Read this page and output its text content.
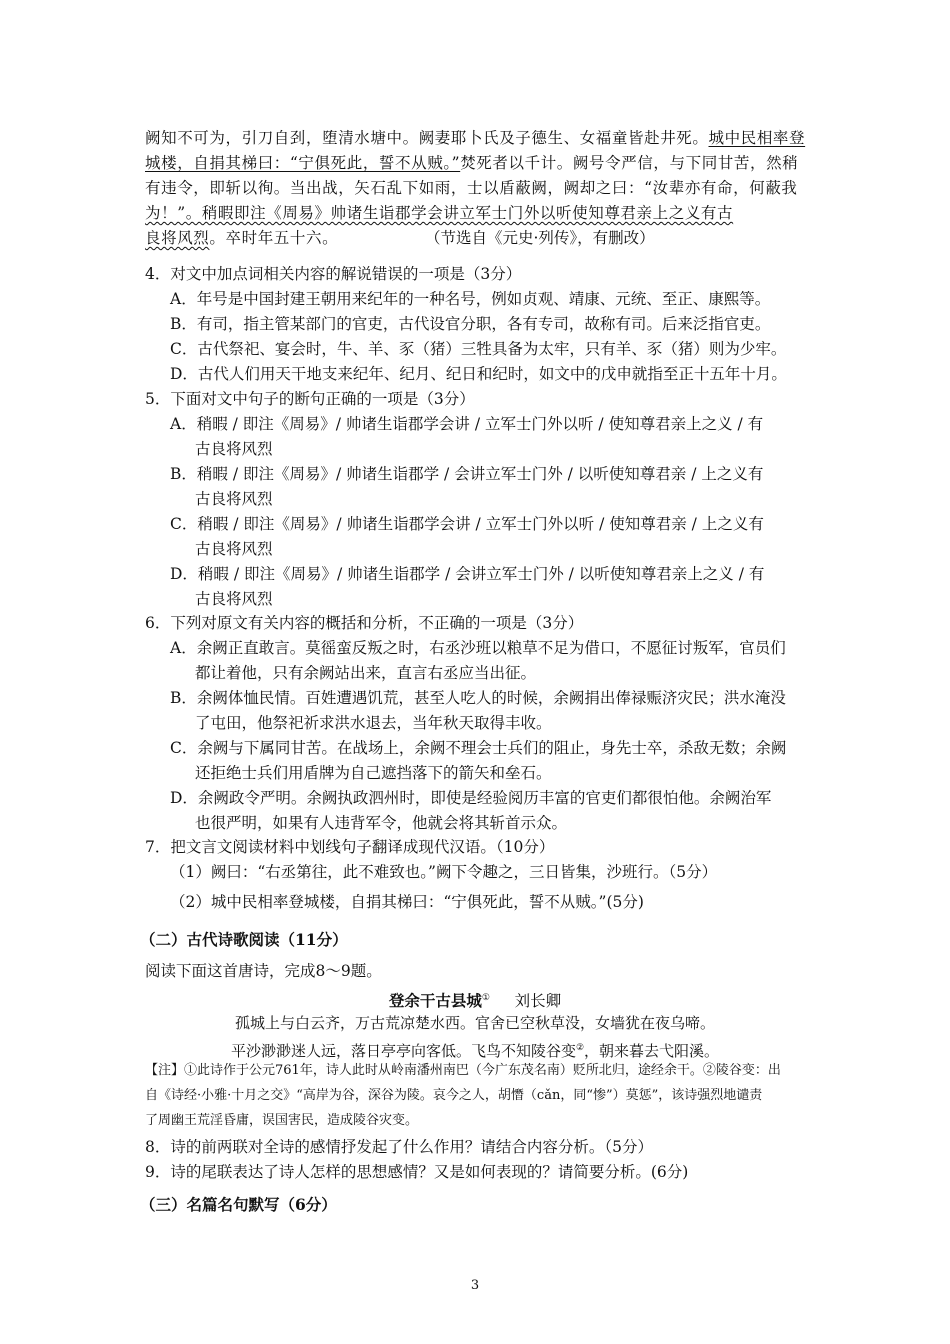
阙知不可为，引刀自刭，堕清水塘中。阙妻耶卜氏及子德生、女福童皆赴井死。城中民相率登
城楼，自捐其梯曰：“宁俱死此，誓不从贼。”焚死者以千计。阙号令严信，与下同甘苦，然稍
有违令，即斩以徇。当出战，矢石乱下如雨，士以盾蔽阙，阙却之曰：“汝辈亦有命，何蔽我
为！”。稍暇即注《周易》帅诸生诣郡学会讲立军士门外以听使知尊君亲上之义有古
良将风烈。卒时年五十六。	（节选自《元史·列传》，有删改）
4．对文中加点词相关内容的解说错误的一项是（3分）
A．年号是中国封建王朝用来纪年的一种名号，例如贞观、靖康、元统、至正、康熙等。
B．有司，指主管某部门的官吏，古代设官分职，各有专司，故称有司。后来泛指官吏。
C．古代祭祀、宴会时，牛、羊、豕（猪）三牲具备为太牢，只有羊、豕（猪）则为少牢。
D．古代人们用天干地支来纪年、纪月、纪日和纪时，如文中的戊申就指至正十五年十月。
5．下面对文中句子的断句正确的一项是（3分）
A．稍暇 / 即注《周易》/ 帅诸生诣郡学会讲 / 立军士门外以听 / 使知尊君亲上之义 / 有
古良将风烈
B．稍暇 / 即注《周易》/ 帅诸生诣郡学 / 会讲立军士门外 / 以听使知尊君亲 / 上之义有
古良将风烈
C．稍暇 / 即注《周易》/ 帅诸生诣郡学会讲 / 立军士门外以听 / 使知尊君亲 / 上之义有
古良将风烈
D．稍暇 / 即注《周易》/ 帅诸生诣郡学 / 会讲立军士门外 / 以听使知尊君亲上之义 / 有
古良将风烈
6．下列对原文有关内容的概括和分析，不正确的一项是（3分）
A．余阙正直敢言。莫徭蛮反叛之时，右丞沙班以粮草不足为借口，不愿征讨叛军，官员们
都让着他，只有余阙站出来，直言右丞应当出征。
B．余阙体恤民情。百姓遭遇饥荒，甚至人吃人的时候，余阙捐出俸禄赈济灾民；洪水淹没
了屯田，他祭祀祈求洪水退去，当年秋天取得丰收。
C．余阙与下属同甘苦。在战场上，余阙不理会士兵们的阻止，身先士卒，杀敌无数；余阙
还拒绝士兵们用盾牌为自己遮挡落下的箭矢和垒石。
D．余阙政令严明。余阙执政泗州时，即使是经验阅历丰富的官吏们都很怕他。余阙治军
也很严明，如果有人违背军令，他就会将其斩首示众。
7．把文言文阅读材料中划线句子翻译成现代汉语。（10分）
（1）阙曰：“右丞第往，此不难致也。”阙下令趣之，三日皆集，沙班行。（5分）
（2）城中民相率登城楼，自捐其梯曰：“宁俱死此，誓不从贼。”(5分)
（二）古代诗歌阅读（11分）
阅读下面这首唐诗，完成8～9题。
登余干古县城① 刘长卿
孤城上与白云齐，万古荒凉楚水西。官舍已空秋草没，女墙犹在夜乌啼。
平沙渺渺迷人远，落日亭亭向客低。飞鸟不知陵谷变②，朝来暮去弋阳溪。
【注】①此诗作于公元761年，诗人此时从岭南潘州南巴（今广东茂名南）贬所北归，途经余干。②陵谷变：出
自《诗经·小雅·十月之交》“高岸为谷，深谷为陵。哀今之人，胡憯（cǎn，同“惨”）莫惩”，该诗强烈地谴责
了周幽王荒淫昏庸，误国害民，造成陵谷灾变。
8．诗的前两联对全诗的感情抒发起了什么作用？请结合内容分析。（5分）
9．诗的尾联表达了诗人怎样的思想感情？又是如何表现的？请简要分析。(6分)
（三）名篇名句默写（6分）
3
